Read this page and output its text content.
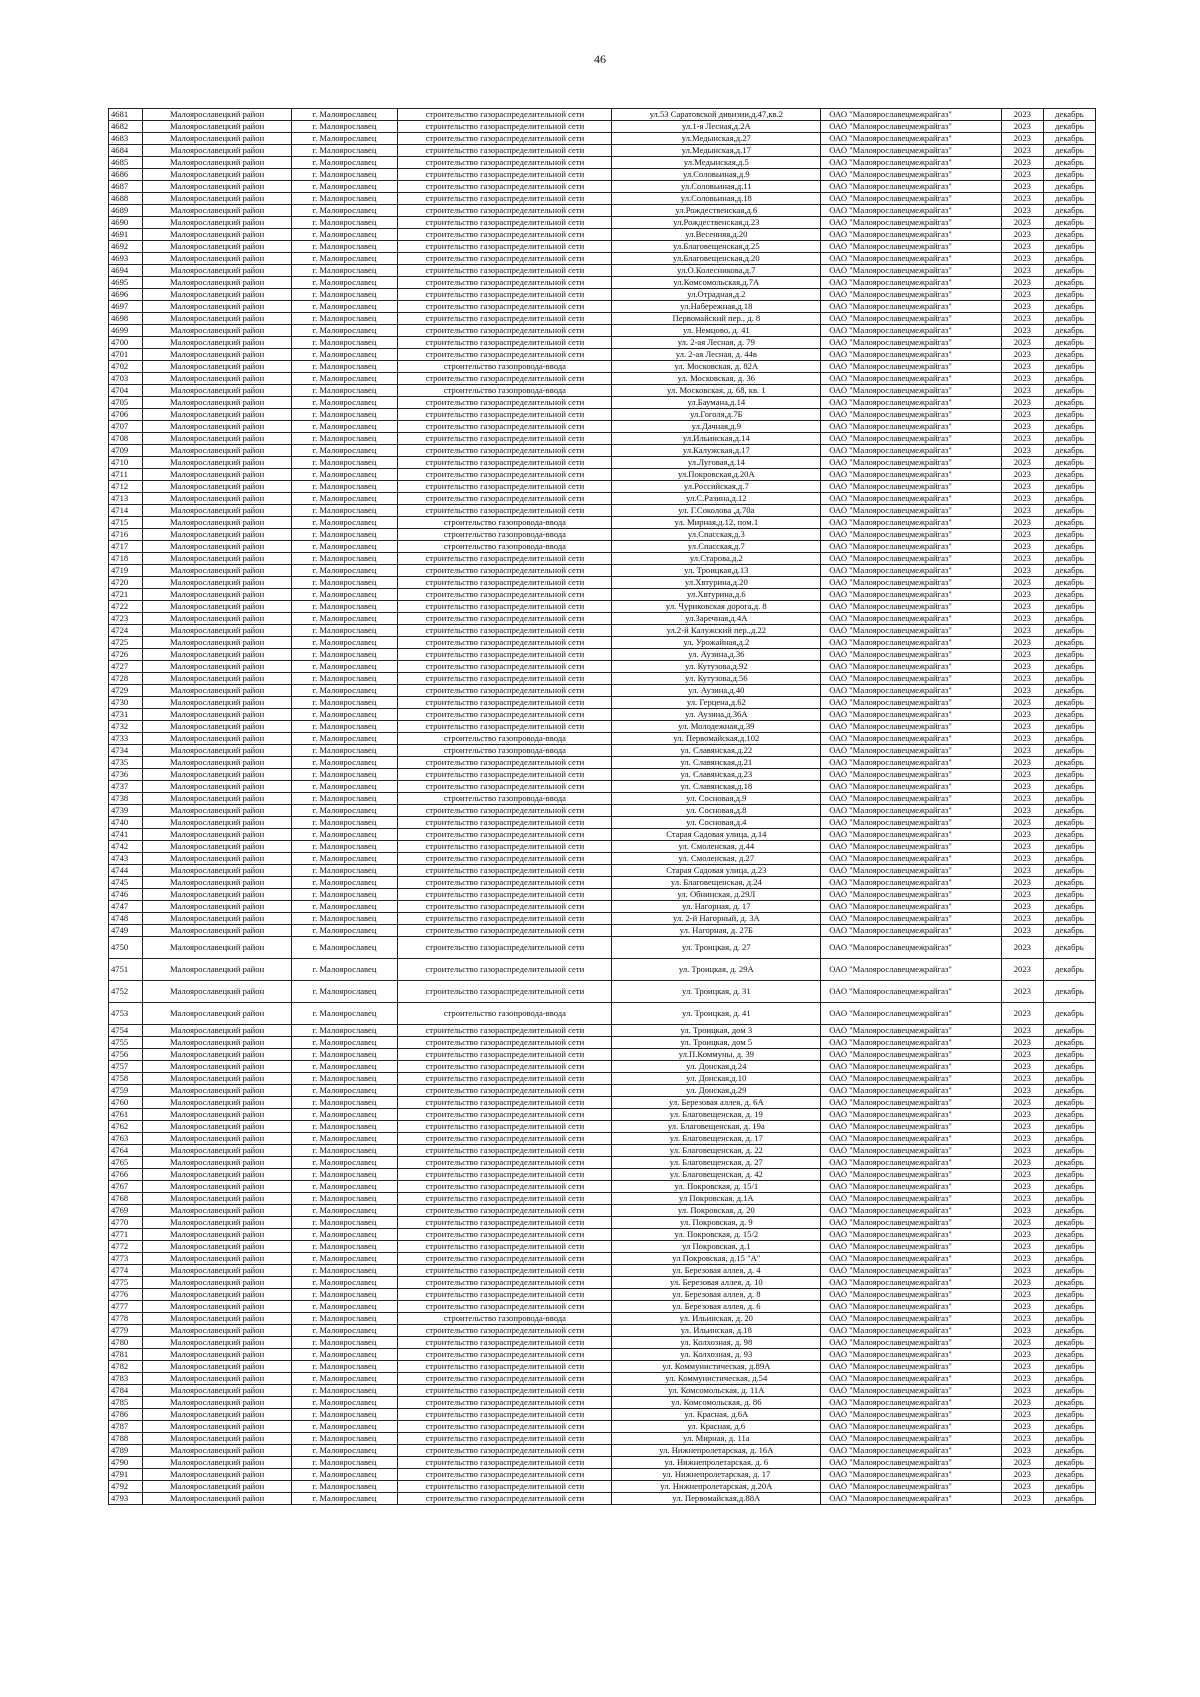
46
4681	Малоярославецкий район	г. Малоярославец	строительство газораспределительной сети	ул.53 Саратовской дивизии,д.47,кв.2	ОАО "Малоярославецмежрайгаз"	2023	декабрь
4682	Малоярославецкий район	г. Малоярославец	строительство газораспределительной сети	ул.1-я Лесная,д.2А	ОАО "Малоярославецмежрайгаз"	2023	декабрь
4683	Малоярославецкий район	г. Малоярославец	строительство газораспределительной сети	ул.Медынская,д.27	ОАО "Малоярославецмежрайгаз"	2023	декабрь
4684	Малоярославецкий район	г. Малоярославец	строительство газораспределительной сети	ул.Медынская,д.17	ОАО "Малоярославецмежрайгаз"	2023	декабрь
4685	Малоярославецкий район	г. Малоярославец	строительство газораспределительной сети	ул.Медынская,д.5	ОАО "Малоярославецмежрайгаз"	2023	декабрь
4686	Малоярославецкий район	г. Малоярославец	строительство газораспределительной сети	ул.Соловьиная,д.9	ОАО "Малоярославецмежрайгаз"	2023	декабрь
4687	Малоярославецкий район	г. Малоярославец	строительство газораспределительной сети	ул.Соловьиная,д.11	ОАО "Малоярославецмежрайгаз"	2023	декабрь
4688	Малоярославецкий район	г. Малоярославец	строительство газораспределительной сети	ул.Соловьиная,д.18	ОАО "Малоярославецмежрайгаз"	2023	декабрь
4689	Малоярославецкий район	г. Малоярославец	строительство газораспределительной сети	ул.Рождественская,д.6	ОАО "Малоярославецмежрайгаз"	2023	декабрь
4690	Малоярославецкий район	г. Малоярославец	строительство газораспределительной сети	ул.Рождественская,д.23	ОАО "Малоярославецмежрайгаз"	2023	декабрь
4691	Малоярославецкий район	г. Малоярославец	строительство газораспределительной сети	ул.Весенняя,д.20	ОАО "Малоярославецмежрайгаз"	2023	декабрь
4692	Малоярославецкий район	г. Малоярославец	строительство газораспределительной сети	ул.Благовещенская,д.25	ОАО "Малоярославецмежрайгаз"	2023	декабрь
4693	Малоярославецкий район	г. Малоярославец	строительство газораспределительной сети	ул.Благовещенская,д.20	ОАО "Малоярославецмежрайгаз"	2023	декабрь
4694	Малоярославецкий район	г. Малоярославец	строительство газораспределительной сети	ул.О.Колесникова,д.7	ОАО "Малоярославецмежрайгаз"	2023	декабрь
4695	Малоярославецкий район	г. Малоярославец	строительство газораспределительной сети	ул.Комсомольская,д.7А	ОАО "Малоярославецмежрайгаз"	2023	декабрь
4696	Малоярославецкий район	г. Малоярославец	строительство газораспределительной сети	ул.Отрадная,д.2	ОАО "Малоярославецмежрайгаз"	2023	декабрь
4697	Малоярославецкий район	г. Малоярославец	строительство газораспределительной сети	ул.Набережная,д.18	ОАО "Малоярославецмежрайгаз"	2023	декабрь
4698	Малоярославецкий район	г. Малоярославец	строительство газораспределительной сети	Первомайский пер., д. 8	ОАО "Малоярославецмежрайгаз"	2023	декабрь
4699	Малоярославецкий район	г. Малоярославец	строительство газораспределительной сети	ул. Немцово, д. 41	ОАО "Малоярославецмежрайгаз"	2023	декабрь
4700	Малоярославецкий район	г. Малоярославец	строительство газораспределительной сети	ул. 2-ая Лесная, д. 79	ОАО "Малоярославецмежрайгаз"	2023	декабрь
4701	Малоярославецкий район	г. Малоярославец	строительство газораспределительной сети	ул. 2-ая Лесная, д. 44в	ОАО "Малоярославецмежрайгаз"	2023	декабрь
4702	Малоярославецкий район	г. Малоярославец	строительство газопровода-ввода	ул. Московская, д. 82А	ОАО "Малоярославецмежрайгаз"	2023	декабрь
4703	Малоярославецкий район	г. Малоярославец	строительство газораспределительной сети	ул. Московская, д. 36	ОАО "Малоярославецмежрайгаз"	2023	декабрь
4704	Малоярославецкий район	г. Малоярославец	строительство газопровода-ввода	ул. Московская, д. 68, кв. 1	ОАО "Малоярославецмежрайгаз"	2023	декабрь
4705	Малоярославецкий район	г. Малоярославец	строительство газораспределительной сети	ул.Баумана,д.14	ОАО "Малоярославецмежрайгаз"	2023	декабрь
4706	Малоярославецкий район	г. Малоярославец	строительство газораспределительной сети	ул.Гоголя,д.7Б	ОАО "Малоярославецмежрайгаз"	2023	декабрь
4707	Малоярославецкий район	г. Малоярославец	строительство газораспределительной сети	ул.Дачная,д.9	ОАО "Малоярославецмежрайгаз"	2023	декабрь
4708	Малоярославецкий район	г. Малоярославец	строительство газораспределительной сети	ул.Ильинская,д.14	ОАО "Малоярославецмежрайгаз"	2023	декабрь
4709	Малоярославецкий район	г. Малоярославец	строительство газораспределительной сети	ул.Калужская,д.17	ОАО "Малоярославецмежрайгаз"	2023	декабрь
4710	Малоярославецкий район	г. Малоярославец	строительство газораспределительной сети	ул.Луговая,д.14	ОАО "Малоярославецмежрайгаз"	2023	декабрь
4711	Малоярославецкий район	г. Малоярославец	строительство газораспределительной сети	ул.Покровская,д.20А	ОАО "Малоярославецмежрайгаз"	2023	декабрь
4712	Малоярославецкий район	г. Малоярославец	строительство газораспределительной сети	ул.Российская,д.7	ОАО "Малоярославецмежрайгаз"	2023	декабрь
4713	Малоярославецкий район	г. Малоярославец	строительство газораспределительной сети	ул.С.Разина,д.12	ОАО "Малоярославецмежрайгаз"	2023	декабрь
4714	Малоярославецкий район	г. Малоярославец	строительство газораспределительной сети	ул. Г.Соколова ,д.70а	ОАО "Малоярославецмежрайгаз"	2023	декабрь
4715	Малоярославецкий район	г. Малоярославец	строительство газопровода-ввода	ул. Мирная,д.12, пом.1	ОАО "Малоярославецмежрайгаз"	2023	декабрь
4716	Малоярославецкий район	г. Малоярославец	строительство газопровода-ввода	ул.Спасская,д.3	ОАО "Малоярославецмежрайгаз"	2023	декабрь
4717	Малоярославецкий район	г. Малоярославец	строительство газопровода-ввода	ул.Спасская,д.7	ОАО "Малоярославецмежрайгаз"	2023	декабрь
4718	Малоярославецкий район	г. Малоярославец	строительство газораспределительной сети	ул.Старова,д.2	ОАО "Малоярославецмежрайгаз"	2023	декабрь
4719	Малоярославецкий район	г. Малоярославец	строительство газораспределительной сети	ул. Троицкая,д.13	ОАО "Малоярославецмежрайгаз"	2023	декабрь
4720	Малоярославецкий район	г. Малоярославец	строительство газораспределительной сети	ул.Хвтурина,д.20	ОАО "Малоярославецмежрайгаз"	2023	декабрь
4721	Малоярославецкий район	г. Малоярославец	строительство газораспределительной сети	ул.Хвтурина,д.6	ОАО "Малоярославецмежрайгаз"	2023	декабрь
4722	Малоярославецкий район	г. Малоярославец	строительство газораспределительной сети	ул. Чуриковская дорога,д. 8	ОАО "Малоярославецмежрайгаз"	2023	декабрь
4723	Малоярославецкий район	г. Малоярославец	строительство газораспределительной сети	ул.Заречная,д.4А	ОАО "Малоярославецмежрайгаз"	2023	декабрь
4724	Малоярославецкий район	г. Малоярославец	строительство газораспределительной сети	ул.2-й Калужский пер.,д.22	ОАО "Малоярославецмежрайгаз"	2023	декабрь
4725	Малоярославецкий район	г. Малоярославец	строительство газораспределительной сети	ул. Урожайная,д.2	ОАО "Малоярославецмежрайгаз"	2023	декабрь
4726	Малоярославецкий район	г. Малоярославец	строительство газораспределительной сети	ул. Аузина,д.36	ОАО "Малоярославецмежрайгаз"	2023	декабрь
4727	Малоярославецкий район	г. Малоярославец	строительство газораспределительной сети	ул. Кутузова,д.92	ОАО "Малоярославецмежрайгаз"	2023	декабрь
4728	Малоярославецкий район	г. Малоярославец	строительство газораспределительной сети	ул. Кутузова,д.56	ОАО "Малоярославецмежрайгаз"	2023	декабрь
4729	Малоярославецкий район	г. Малоярославец	строительство газораспределительной сети	ул. Аузина,д.40	ОАО "Малоярославецмежрайгаз"	2023	декабрь
4730	Малоярославецкий район	г. Малоярославец	строительство газораспределительной сети	ул. Герцена,д.62	ОАО "Малоярославецмежрайгаз"	2023	декабрь
4731	Малоярославецкий район	г. Малоярославец	строительство газораспределительной сети	ул. Аузина,д.36А	ОАО "Малоярославецмежрайгаз"	2023	декабрь
4732	Малоярославецкий район	г. Малоярославец	строительство газораспределительной сети	ул. Молодежная,д.39	ОАО "Малоярославецмежрайгаз"	2023	декабрь
4733	Малоярославецкий район	г. Малоярославец	строительство газопровода-ввода	ул. Первомайская,д.102	ОАО "Малоярославецмежрайгаз"	2023	декабрь
4734	Малоярославецкий район	г. Малоярославец	строительство газопровода-ввода	ул. Славянская,д.22	ОАО "Малоярославецмежрайгаз"	2023	декабрь
4735	Малоярославецкий район	г. Малоярославец	строительство газораспределительной сети	ул. Славянская,д.21	ОАО "Малоярославецмежрайгаз"	2023	декабрь
4736	Малоярославецкий район	г. Малоярославец	строительство газораспределительной сети	ул. Славянская,д.23	ОАО "Малоярославецмежрайгаз"	2023	декабрь
4737	Малоярославецкий район	г. Малоярославец	строительство газораспределительной сети	ул. Славянская,д.18	ОАО "Малоярославецмежрайгаз"	2023	декабрь
4738	Малоярославецкий район	г. Малоярославец	строительство газопровода-ввода	ул. Сосновая,д.9	ОАО "Малоярославецмежрайгаз"	2023	декабрь
4739	Малоярославецкий район	г. Малоярославец	строительство газораспределительной сети	ул. Сосновая,д.8	ОАО "Малоярославецмежрайгаз"	2023	декабрь
4740	Малоярославецкий район	г. Малоярославец	строительство газораспределительной сети	ул. Сосновая,д.4	ОАО "Малоярославецмежрайгаз"	2023	декабрь
4741	Малоярославецкий район	г. Малоярославец	строительство газораспределительной сети	Старая Садовая улица, д.14	ОАО "Малоярославецмежрайгаз"	2023	декабрь
4742	Малоярославецкий район	г. Малоярославец	строительство газораспределительной сети	ул. Смоленская, д.44	ОАО "Малоярославецмежрайгаз"	2023	декабрь
4743	Малоярославецкий район	г. Малоярославец	строительство газораспределительной сети	ул. Смоленская, д.27	ОАО "Малоярославецмежрайгаз"	2023	декабрь
4744	Малоярославецкий район	г. Малоярославец	строительство газораспределительной сети	Старая Садовая улица, д.23	ОАО "Малоярославецмежрайгаз"	2023	декабрь
4745	Малоярославецкий район	г. Малоярославец	строительство газораспределительной сети	ул. Благовещенская, д.24	ОАО "Малоярославецмежрайгаз"	2023	декабрь
4746	Малоярославецкий район	г. Малоярославец	строительство газораспределительной сети	ул. Обнинская, д.29Л	ОАО "Малоярославецмежрайгаз"	2023	декабрь
4747	Малоярославецкий район	г. Малоярославец	строительство газораспределительной сети	ул. Нагорная, д. 17	ОАО "Малоярославецмежрайгаз"	2023	декабрь
4748	Малоярославецкий район	г. Малоярославец	строительство газораспределительной сети	ул. 2-й Нагорный, д. 3А	ОАО "Малоярославецмежрайгаз"	2023	декабрь
4749	Малоярославецкий район	г. Малоярославец	строительство газораспределительной сети	ул. Нагорная, д. 27Б	ОАО "Малоярославецмежрайгаз"	2023	декабрь
4750	Малоярославецкий район	г. Малоярославец	строительство газораспределительной сети	ул. Троицкая, д. 27	ОАО "Малоярославецмежрайгаз"	2023	декабрь
4751	Малоярославецкий район	г. Малоярославец	строительство газораспределительной сети	ул. Троицкая, д. 29А	ОАО "Малоярославецмежрайгаз"	2023	декабрь
4752	Малоярославецкий район	г. Малоярославец	строительство газораспределительной сети	ул. Троицкая, д. 31	ОАО "Малоярославецмежрайгаз"	2023	декабрь
4753	Малоярославецкий район	г. Малоярославец	строительство газопровода-ввода	ул. Троицкая, д. 41	ОАО "Малоярославецмежрайгаз"	2023	декабрь
4754	Малоярославецкий район	г. Малоярославец	строительство газораспределительной сети	ул. Троицкая, дом 3	ОАО "Малоярославецмежрайгаз"	2023	декабрь
4755	Малоярославецкий район	г. Малоярославец	строительство газораспределительной сети	ул. Троицкая, дом 5	ОАО "Малоярославецмежрайгаз"	2023	декабрь
4756	Малоярославецкий район	г. Малоярославец	строительство газораспределительной сети	ул.П.Коммуны, д. 39	ОАО "Малоярославецмежрайгаз"	2023	декабрь
4757	Малоярославецкий район	г. Малоярославец	строительство газораспределительной сети	ул. Донская,д.24	ОАО "Малоярославецмежрайгаз"	2023	декабрь
4758	Малоярославецкий район	г. Малоярославец	строительство газораспределительной сети	ул. Донская,д.10	ОАО "Малоярославецмежрайгаз"	2023	декабрь
4759	Малоярославецкий район	г. Малоярославец	строительство газораспределительной сети	ул. Донская,д.29	ОАО "Малоярославецмежрайгаз"	2023	декабрь
4760	Малоярославецкий район	г. Малоярославец	строительство газораспределительной сети	ул. Березовая аллея, д. 6А	ОАО "Малоярославецмежрайгаз"	2023	декабрь
4761	Малоярославецкий район	г. Малоярославец	строительство газораспределительной сети	ул. Благовещенская, д. 19	ОАО "Малоярославецмежрайгаз"	2023	декабрь
4762	Малоярославецкий район	г. Малоярославец	строительство газораспределительной сети	ул. Благовещенская, д. 19а	ОАО "Малоярославецмежрайгаз"	2023	декабрь
4763	Малоярославецкий район	г. Малоярославец	строительство газораспределительной сети	ул. Благовещенская, д. 17	ОАО "Малоярославецмежрайгаз"	2023	декабрь
4764	Малоярославецкий район	г. Малоярославец	строительство газораспределительной сети	ул. Благовещенская, д. 22	ОАО "Малоярославецмежрайгаз"	2023	декабрь
4765	Малоярославецкий район	г. Малоярославец	строительство газораспределительной сети	ул. Благовещенская, д. 27	ОАО "Малоярославецмежрайгаз"	2023	декабрь
4766	Малоярославецкий район	г. Малоярославец	строительство газораспределительной сети	ул. Благовещенская, д. 42	ОАО "Малоярославецмежрайгаз"	2023	декабрь
4767	Малоярославецкий район	г. Малоярославец	строительство газораспределительной сети	ул. Покровская, д. 15/1	ОАО "Малоярославецмежрайгаз"	2023	декабрь
4768	Малоярославецкий район	г. Малоярославец	строительство газораспределительной сети	ул Покровская, д.1А	ОАО "Малоярославецмежрайгаз"	2023	декабрь
4769	Малоярославецкий район	г. Малоярославец	строительство газораспределительной сети	ул. Покровская, д. 20	ОАО "Малоярославецмежрайгаз"	2023	декабрь
4770	Малоярославецкий район	г. Малоярославец	строительство газораспределительной сети	ул. Покровская, д. 9	ОАО "Малоярославецмежрайгаз"	2023	декабрь
4771	Малоярославецкий район	г. Малоярославец	строительство газораспределительной сети	ул. Покровская, д. 15/2	ОАО "Малоярославецмежрайгаз"	2023	декабрь
4772	Малоярославецкий район	г. Малоярославец	строительство газораспределительной сети	ул Покровская, д.1	ОАО "Малоярославецмежрайгаз"	2023	декабрь
4773	Малоярославецкий район	г. Малоярославец	строительство газораспределительной сети	ул Покровская, д.15 "А"	ОАО "Малоярославецмежрайгаз"	2023	декабрь
4774	Малоярославецкий район	г. Малоярославец	строительство газораспределительной сети	ул. Березовая аллея, д. 4	ОАО "Малоярославецмежрайгаз"	2023	декабрь
4775	Малоярославецкий район	г. Малоярославец	строительство газораспределительной сети	ул. Березовая аллея, д. 10	ОАО "Малоярославецмежрайгаз"	2023	декабрь
4776	Малоярославецкий район	г. Малоярославец	строительство газораспределительной сети	ул. Березовая аллея, д. 8	ОАО "Малоярославецмежрайгаз"	2023	декабрь
4777	Малоярославецкий район	г. Малоярославец	строительство газораспределительной сети	ул. Березовая аллея, д. 6	ОАО "Малоярославецмежрайгаз"	2023	декабрь
4778	Малоярославецкий район	г. Малоярославец	строительство газопровода-ввода	ул. Ильинская, д. 20	ОАО "Малоярославецмежрайгаз"	2023	декабрь
4779	Малоярославецкий район	г. Малоярославец	строительство газораспределительной сети	ул. Ильинская, д.18	ОАО "Малоярославецмежрайгаз"	2023	декабрь
4780	Малоярославецкий район	г. Малоярославец	строительство газораспределительной сети	ул. Колхозная, д. 98	ОАО "Малоярославецмежрайгаз"	2023	декабрь
4781	Малоярославецкий район	г. Малоярославец	строительство газораспределительной сети	ул. Колхозная, д. 93	ОАО "Малоярославецмежрайгаз"	2023	декабрь
4782	Малоярославецкий район	г. Малоярославец	строительство газораспределительной сети	ул. Коммунистическая, д.89А	ОАО "Малоярославецмежрайгаз"	2023	декабрь
4783	Малоярославецкий район	г. Малоярославец	строительство газораспределительной сети	ул. Коммунистическая, д.54	ОАО "Малоярославецмежрайгаз"	2023	декабрь
4784	Малоярославецкий район	г. Малоярославец	строительство газораспределительной сети	ул. Комсомольская, д. 11А	ОАО "Малоярославецмежрайгаз"	2023	декабрь
4785	Малоярославецкий район	г. Малоярославец	строительство газораспределительной сети	ул. Комсомольская, д. 86	ОАО "Малоярославецмежрайгаз"	2023	декабрь
4786	Малоярославецкий район	г. Малоярославец	строительство газораспределительной сети	ул. Красная, д.6А	ОАО "Малоярославецмежрайгаз"	2023	декабрь
4787	Малоярославецкий район	г. Малоярославец	строительство газораспределительной сети	ул. Красная, д.6	ОАО "Малоярославецмежрайгаз"	2023	декабрь
4788	Малоярославецкий район	г. Малоярославец	строительство газораспределительной сети	ул. Мирная, д. 11а	ОАО "Малоярославецмежрайгаз"	2023	декабрь
4789	Малоярославецкий район	г. Малоярославец	строительство газораспределительной сети	ул. Нижнепролетарская, д. 16А	ОАО "Малоярославецмежрайгаз"	2023	декабрь
4790	Малоярославецкий район	г. Малоярославец	строительство газораспределительной сети	ул. Нижнепролетарская, д. 6	ОАО "Малоярославецмежрайгаз"	2023	декабрь
4791	Малоярославецкий район	г. Малоярославец	строительство газораспределительной сети	ул. Нижнепролетарская, д. 17	ОАО "Малоярославецмежрайгаз"	2023	декабрь
4792	Малоярославецкий район	г. Малоярославец	строительство газораспределительной сети	ул. Нижнепролетарская, д.20А	ОАО "Малоярославецмежрайгаз"	2023	декабрь
4793	Малоярославецкий район	г. Малоярославец	строительство газораспределительной сети	ул. Первомайская,д.88А	ОАО "Малоярославецмежрайгаз"	2023	декабрь
